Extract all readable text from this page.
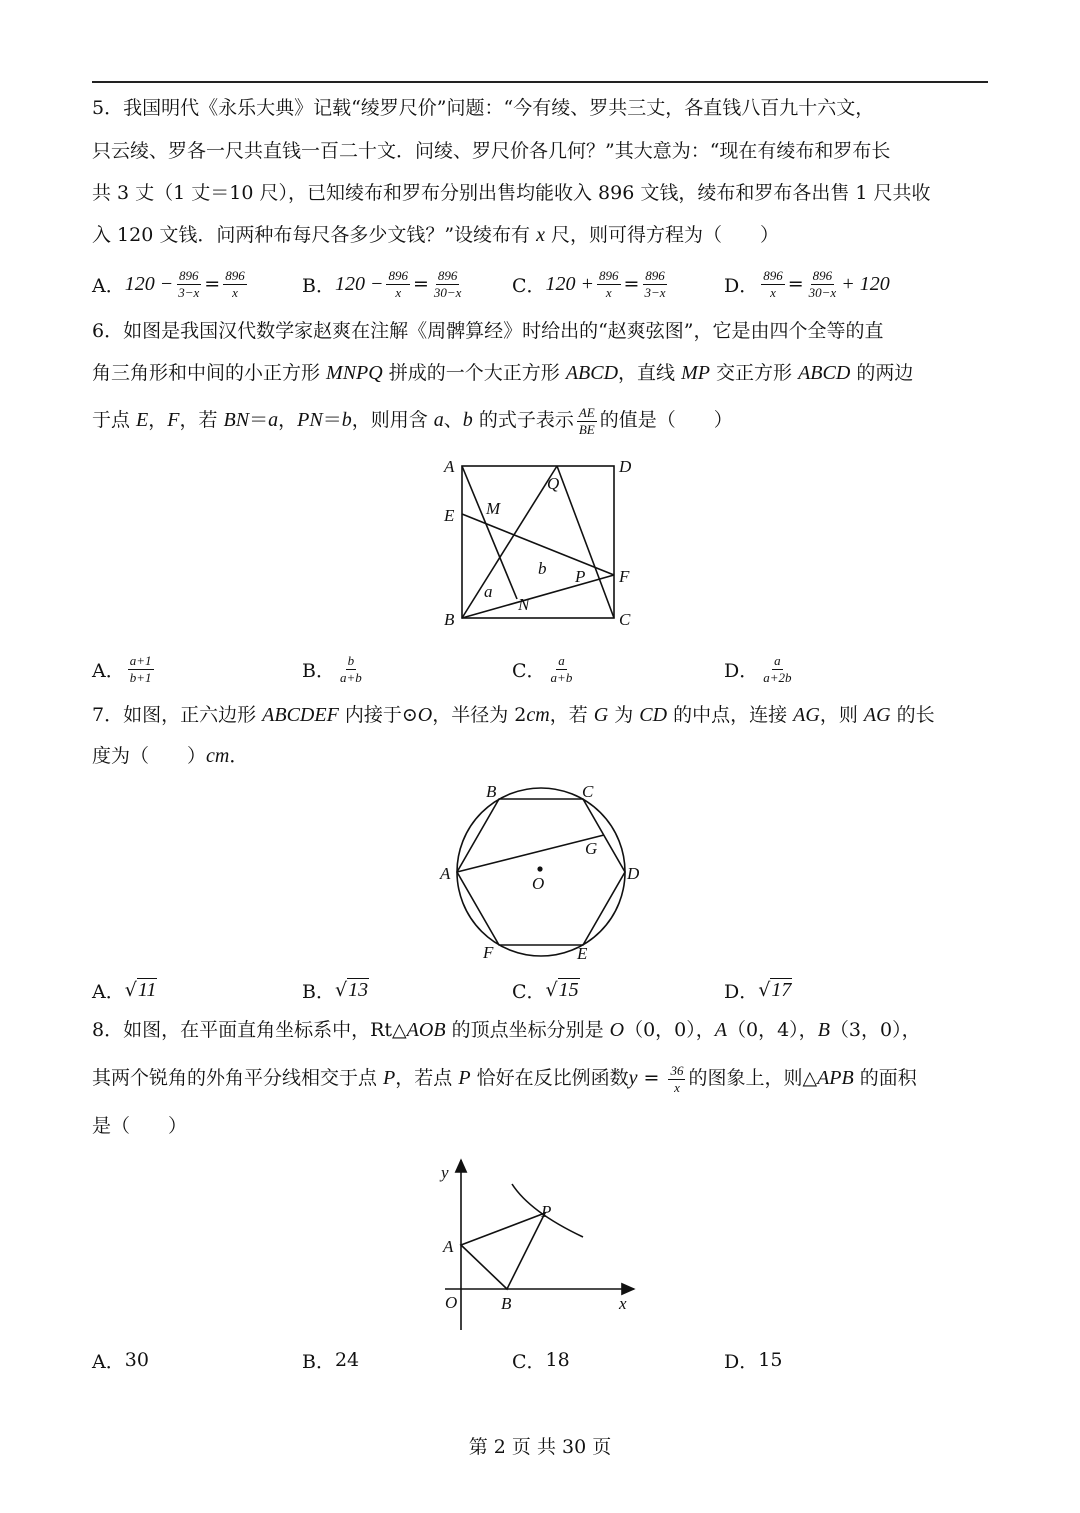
5．我国明代《永乐大典》记载“绫罗尺价”问题：“今有绫、罗共三丈，各直钱八百九十六文，
只云绫、罗各一尺共直钱一百二十文．问绫、罗尺价各几何？”其大意为：“现在有绫布和罗布长
共 3 丈（1 丈＝10 尺），已知绫布和罗布分别出售均能收入 896 文钱，绫布和罗布各出售 1 尺共收
入 120 文钱．问两种布每尺各多少文钱？”设绫布有 x 尺，则可得方程为（　　）
A． $120 - \frac{896}{3-x} = \frac{896}{x}$	B． $120 - \frac{896}{x} = \frac{896}{30-x}$	C． $120 + \frac{896}{x} = \frac{896}{3-x}$	D． $\frac{896}{x} = \frac{896}{30-x} + 120$
6．如图是我国汉代数学家赵爽在注解《周髀算经》时给出的“赵爽弦图”，它是由四个全等的直
角三角形和中间的小正方形 MNPQ 拼成的一个大正方形 ABCD，直线 MP 交正方形 ABCD 的两边
于点 E，F，若 BN＝a，PN＝b，则用含 a、b 的式子表示 $\frac{AE}{BE}$ 的值是（　　）
A	D
E M
Q
b P F
a
N
B	C
A． $\frac{a+1}{b+1}$	B． $\frac{b}{a+b}$	C． $\frac{a}{a+b}$	D． $\frac{a}{a+2b}$
7．如图，正六边形 ABCDEF 内接于⊙O，半径为 2cm，若 G 为 CD 的中点，连接 AG，则 AG 的长
度为（　　）cm．
B	C
G
A
O
D
F	E
A． √ 11	B． √ 13	C． √ 15	D． √ 17
8．如图，在平面直角坐标系中，Rt△AOB 的顶点坐标分别是 O（0，0），A（0，4），B（3，0），
其两个锐角的外角平分线相交于点 P，若点 P 恰好在反比例函数$y = \frac{36}{x}$ 的图象上，则△APB 的面积
是（　　）
y
P
A
O	B	x
A． 30	B． 24	C． 18	D． 15
第 2 页 共 30 页
